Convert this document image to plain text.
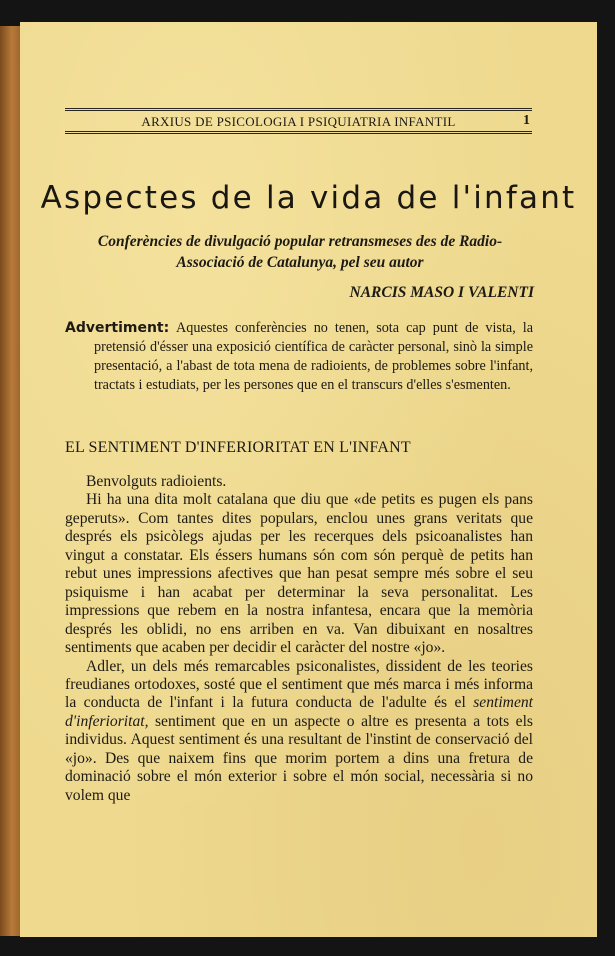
ARXIUS DE PSICOLOGIA I PSIQUIATRIA INFANTIL	1
Aspectes de la vida de l'infant
Conferències de divulgació popular retransmeses des de Radio-Associació de Catalunya, pel seu autor
NARCIS MASO I VALENTI
Advertiment: Aquestes conferències no tenen, sota cap punt de vista, la pretensió d'ésser una exposició científica de caràcter personal, sinò la simple presentació, a l'abast de tota mena de radioients, de problemes sobre l'infant, tractats i estudiats, per les persones que en el transcurs d'elles s'esmenten.
EL SENTIMENT D'INFERIORITAT EN L'INFANT

Benvolguts radioients.

Hi ha una dita molt catalana que diu que «de petits es pugen els pans geperuts». Com tantes dites populars, enclou unes grans veritats que després els psicòlegs ajudas per les recerques dels psicoanalistes han vingut a constatar. Els éssers humans són com són perquè de petits han rebut unes impressions afectives que han pesat sempre més sobre el seu psiquisme i han acabat per determinar la seva personalitat. Les impressions que rebem en la nostra infantesa, encara que la memòria després les oblidi, no ens arriben en va. Van dibuixant en nosaltres sentiments que acaben per decidir el caràcter del nostre «jo».

Adler, un dels més remarcables psiconalistes, dissident de les teories freudianes ortodoxes, sosté que el sentiment que més marca i més informa la conducta de l'infant i la futura conducta de l'adulte és el sentiment d'inferioritat, sentiment que en un aspecte o altre es presenta a tots els individus. Aquest sentiment és una resultant de l'instint de conservació del «jo». Des que naixem fins que morim portem a dins una fretura de dominació sobre el món exterior i sobre el món social, necessària si no volem que
